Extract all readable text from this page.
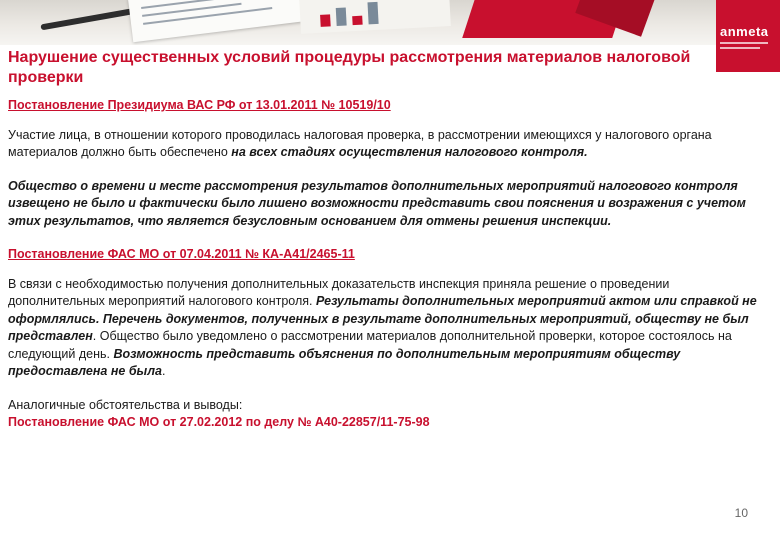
anmeta
Нарушение существенных условий процедуры рассмотрения материалов налоговой проверки
Постановление Президиума ВАС РФ от 13.01.2011 № 10519/10

Участие лица, в отношении которого проводилась налоговая проверка, в рассмотрении имеющихся у налогового органа материалов должно быть обеспечено на всех стадиях осуществления налогового контроля.

Общество о времени и месте рассмотрения результатов дополнительных мероприятий налогового контроля извещено не было и фактически было лишено возможности представить свои пояснения и возражения с учетом этих результатов, что является безусловным основанием для отмены решения инспекции.

Постановление ФАС МО от 07.04.2011 № КА-А41/2465-11

В связи с необходимостью получения дополнительных доказательств инспекция приняла решение о проведении дополнительных мероприятий налогового контроля. Результаты дополнительных мероприятий актом или справкой не оформлялись. Перечень документов, полученных в результате дополнительных мероприятий, обществу не был представлен. Общество было уведомлено о рассмотрении материалов дополнительной проверки, которое состоялось на следующий день. Возможность представить объяснения по дополнительным мероприятиям обществу предоставлена не была.

Аналогичные обстоятельства и выводы:

Постановление ФАС МО от 27.02.2012 по делу № А40-22857/11-75-98
10
